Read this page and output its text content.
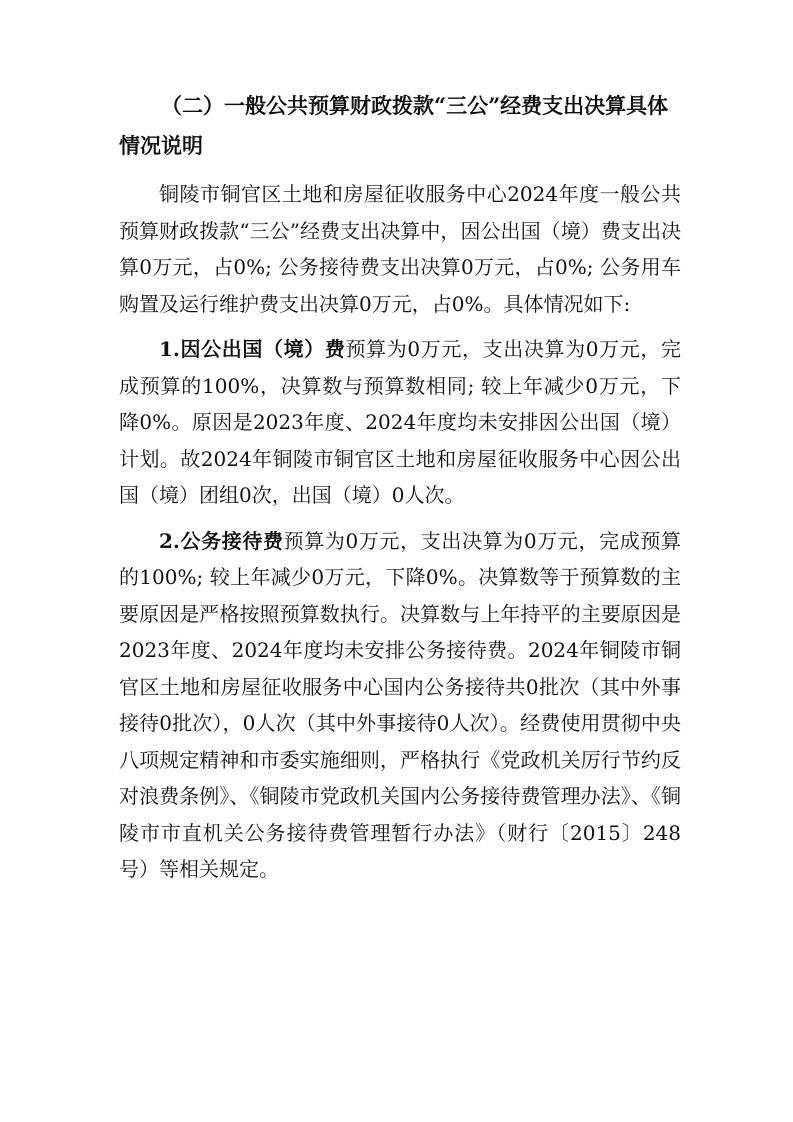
（二）一般公共预算财政拨款“三公”经费支出决算具体情况说明
铜陵市铜官区土地和房屋征收服务中心2024年度一般公共预算财政拨款“三公”经费支出决算中，因公出国（境）费支出决算0万元，占0%; 公务接待费支出决算0万元，占0%; 公务用车购置及运行维护费支出决算0万元，占0%。具体情况如下:
1.因公出国（境）费预算为0万元，支出决算为0万元，完成预算的100%，决算数与预算数相同; 较上年减少0万元，下降0%。原因是2023年度、2024年度均未安排因公出国（境）计划。故2024年铜陵市铜官区土地和房屋征收服务中心因公出国（境）团组0次，出国（境）0人次。
2.公务接待费预算为0万元，支出决算为0万元，完成预算的100%; 较上年减少0万元，下降0%。决算数等于预算数的主要原因是严格按照预算数执行。决算数与上年持平的主要原因是2023年度、2024年度均未安排公务接待费。2024年铜陵市铜官区土地和房屋征收服务中心国内公务接待共0批次（其中外事接待0批次），0人次（其中外事接待0人次）。经费使用贯彻中央八项规定精神和市委实施细则，严格执行《党政机关厉行节约反对浪费条例》、《铜陵市党政机关国内公务接待费管理办法》、《铜陵市市直机关公务接待费管理暂行办法》（财行〔2015〕248号）等相关规定。
